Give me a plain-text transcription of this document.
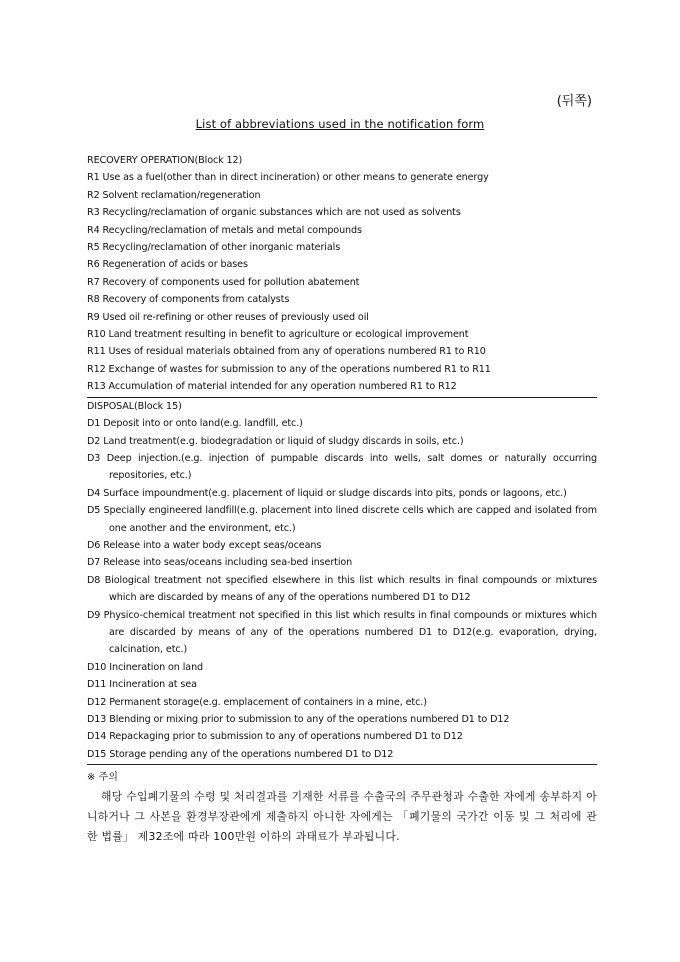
(뒤쪽)
List of abbreviations used in the notification form
RECOVERY OPERATION(Block 12)
R1 Use as a fuel(other than in direct incineration) or other means to generate energy
R2 Solvent reclamation/regeneration
R3 Recycling/reclamation of organic substances which are not used as solvents
R4 Recycling/reclamation of metals and metal compounds
R5 Recycling/reclamation of other inorganic materials
R6 Regeneration of acids or bases
R7 Recovery of components used for pollution abatement
R8 Recovery of components from catalysts
R9 Used oil re-refining or other reuses of previously used oil
R10 Land treatment resulting in benefit to agriculture or ecological improvement
R11 Uses of residual materials obtained from any of operations numbered R1 to R10
R12 Exchange of wastes for submission to any of the operations numbered R1 to R11
R13 Accumulation of material intended for any operation numbered R1 to R12
DISPOSAL(Block 15)
D1 Deposit into or onto land(e.g. landfill, etc.)
D2 Land treatment(e.g. biodegradation or liquid of sludgy discards in soils, etc.)
D3 Deep injection.(e.g. injection of pumpable discards into wells, salt domes or naturally occurring repositories, etc.)
D4 Surface impoundment(e.g. placement of liquid or sludge discards into pits, ponds or lagoons, etc.)
D5 Specially engineered landfill(e.g. placement into lined discrete cells which are capped and isolated from one another and the environment, etc.)
D6 Release into a water body except seas/oceans
D7 Release into seas/oceans including sea-bed insertion
D8 Biological treatment not specified elsewhere in this list which results in final compounds or mixtures which are discarded by means of any of the operations numbered D1 to D12
D9 Physico-chemical treatment not specified in this list which results in final compounds or mixtures which are discarded by means of any of the operations numbered D1 to D12(e.g. evaporation, drying, calcination, etc.)
D10 Incineration on land
D11 Incineration at sea
D12 Permanent storage(e.g. emplacement of containers in a mine, etc.)
D13 Blending or mixing prior to submission to any of the operations numbered D1 to D12
D14 Repackaging prior to submission to any of operations numbered D1 to D12
D15 Storage pending any of the operations numbered D1 to D12
※ 주의
해당 수입폐기물의 수령 및 처리결과를 기재한 서류를 수출국의 주무관청과 수출한 자에게 송부하지 아니하거나 그 사본을 환경부장관에게 제출하지 아니한 자에게는 「폐기물의 국가간 이동 및 그 처리에 관한 법률」 제32조에 따라 100만원 이하의 과태료가 부과됩니다.
